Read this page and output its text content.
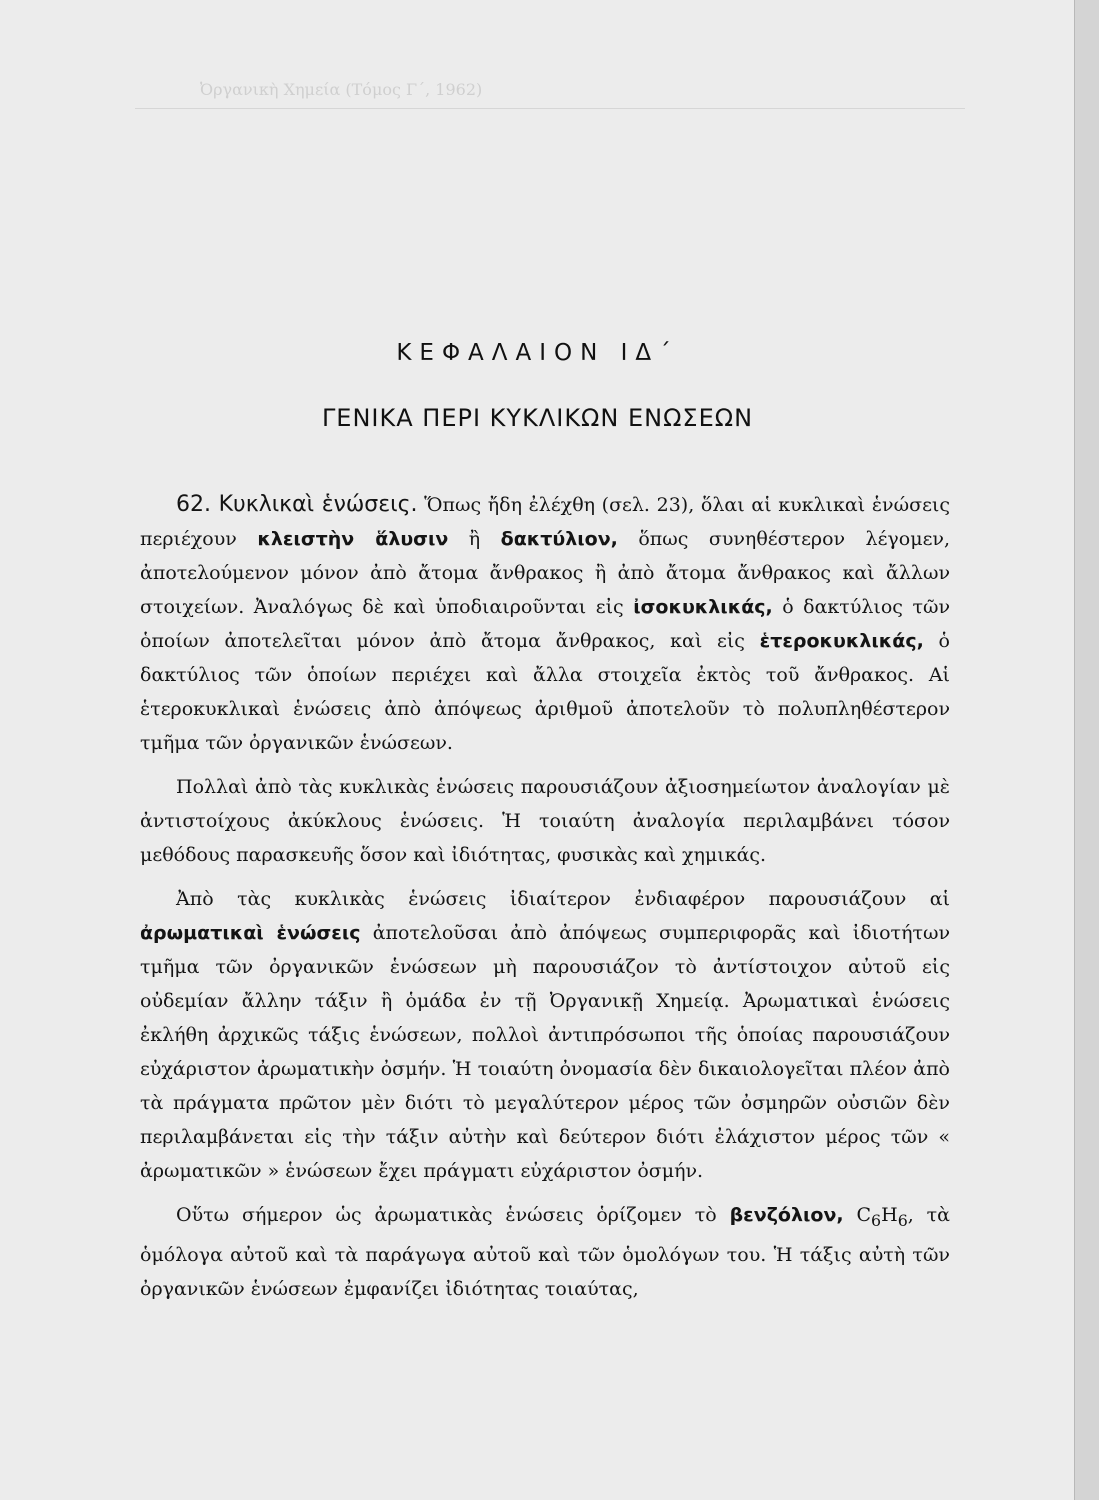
Ὀργανικὴ Χημεία (Τόμος Γ΄, 1962)
ΚΕΦΑΛΑΙΟΝ ΙΔ΄
ΓΕΝΙΚΑ ΠΕΡΙ ΚΥΚΛΙΚΩΝ ΕΝΩΣΕΩΝ

62. Κυκλικαὶ ἑνώσεις. Ὅπως ἤδη ἐλέχθη (σελ. 23), ὅλαι αἱ κυκλικαὶ ἑνώσεις περιέχουν κλειστὴν ἅλυσιν ἢ δακτύλιον, ὅπως συνηθέστερον λέγομεν, ἀποτελούμενον μόνον ἀπὸ ἄτομα ἄνθρακος ἢ ἀπὸ ἄτομα ἄνθρακος καὶ ἄλλων στοιχείων. Ἀναλόγως δὲ καὶ ὑποδιαιροῦνται εἰς ἰσοκυκλικάς, ὁ δακτύλιος τῶν ὁποίων ἀποτελεῖται μόνον ἀπὸ ἄτομα ἄνθρακος, καὶ εἰς ἑτεροκυκλικάς, ὁ δακτύλιος τῶν ὁποίων περιέχει καὶ ἄλλα στοιχεῖα ἐκτὸς τοῦ ἄνθρακος. Αἱ ἑτεροκυκλικαὶ ἑνώσεις ἀπὸ ἀπόψεως ἀριθμοῦ ἀποτελοῦν τὸ πολυπληθέστερον τμῆμα τῶν ὀργανικῶν ἑνώσεων.

Πολλαὶ ἀπὸ τὰς κυκλικὰς ἑνώσεις παρουσιάζουν ἀξιοσημείωτον ἀναλογίαν μὲ ἀντιστοίχους ἀκύκλους ἑνώσεις. Ἡ τοιαύτη ἀναλογία περιλαμβάνει τόσον μεθόδους παρασκευῆς ὅσον καὶ ἰδιότητας, φυσικὰς καὶ χημικάς.

Ἀπὸ τὰς κυκλικὰς ἑνώσεις ἰδιαίτερον ἐνδιαφέρον παρουσιάζουν αἱ ἀρωματικαὶ ἑνώσεις ἀποτελοῦσαι ἀπὸ ἀπόψεως συμπεριφορᾶς καὶ ἰδιοτήτων τμῆμα τῶν ὀργανικῶν ἑνώσεων μὴ παρουσιάζον τὸ ἀντίστοιχον αὐτοῦ εἰς οὐδεμίαν ἄλλην τάξιν ἢ ὁμάδα ἐν τῇ Ὀργανικῇ Χημείᾳ. Ἀρωματικαὶ ἑνώσεις ἐκλήθη ἀρχικῶς τάξις ἑνώσεων, πολλοὶ ἀντιπρόσωποι τῆς ὁποίας παρουσιάζουν εὐχάριστον ἀρωματικὴν ὀσμήν. Ἡ τοιαύτη ὀνομασία δὲν δικαιολογεῖται πλέον ἀπὸ τὰ πράγματα πρῶτον μὲν διότι τὸ μεγαλύτερον μέρος τῶν ὀσμηρῶν οὐσιῶν δὲν περιλαμβάνεται εἰς τὴν τάξιν αὐτὴν καὶ δεύτερον διότι ἐλάχιστον μέρος τῶν « ἀρωματικῶν » ἑνώσεων ἔχει πράγματι εὐχάριστον ὀσμήν.

Οὕτω σήμερον ὡς ἀρωματικὰς ἑνώσεις ὁρίζομεν τὸ βενζόλιον, $C_6H_6$, τὰ ὁμόλογα αὐτοῦ καὶ τὰ παράγωγα αὐτοῦ καὶ τῶν ὁμολόγων του. Ἡ τάξις αὐτὴ τῶν ὀργανικῶν ἑνώσεων ἐμφανίζει ἰδιότητας τοιαύτας,
